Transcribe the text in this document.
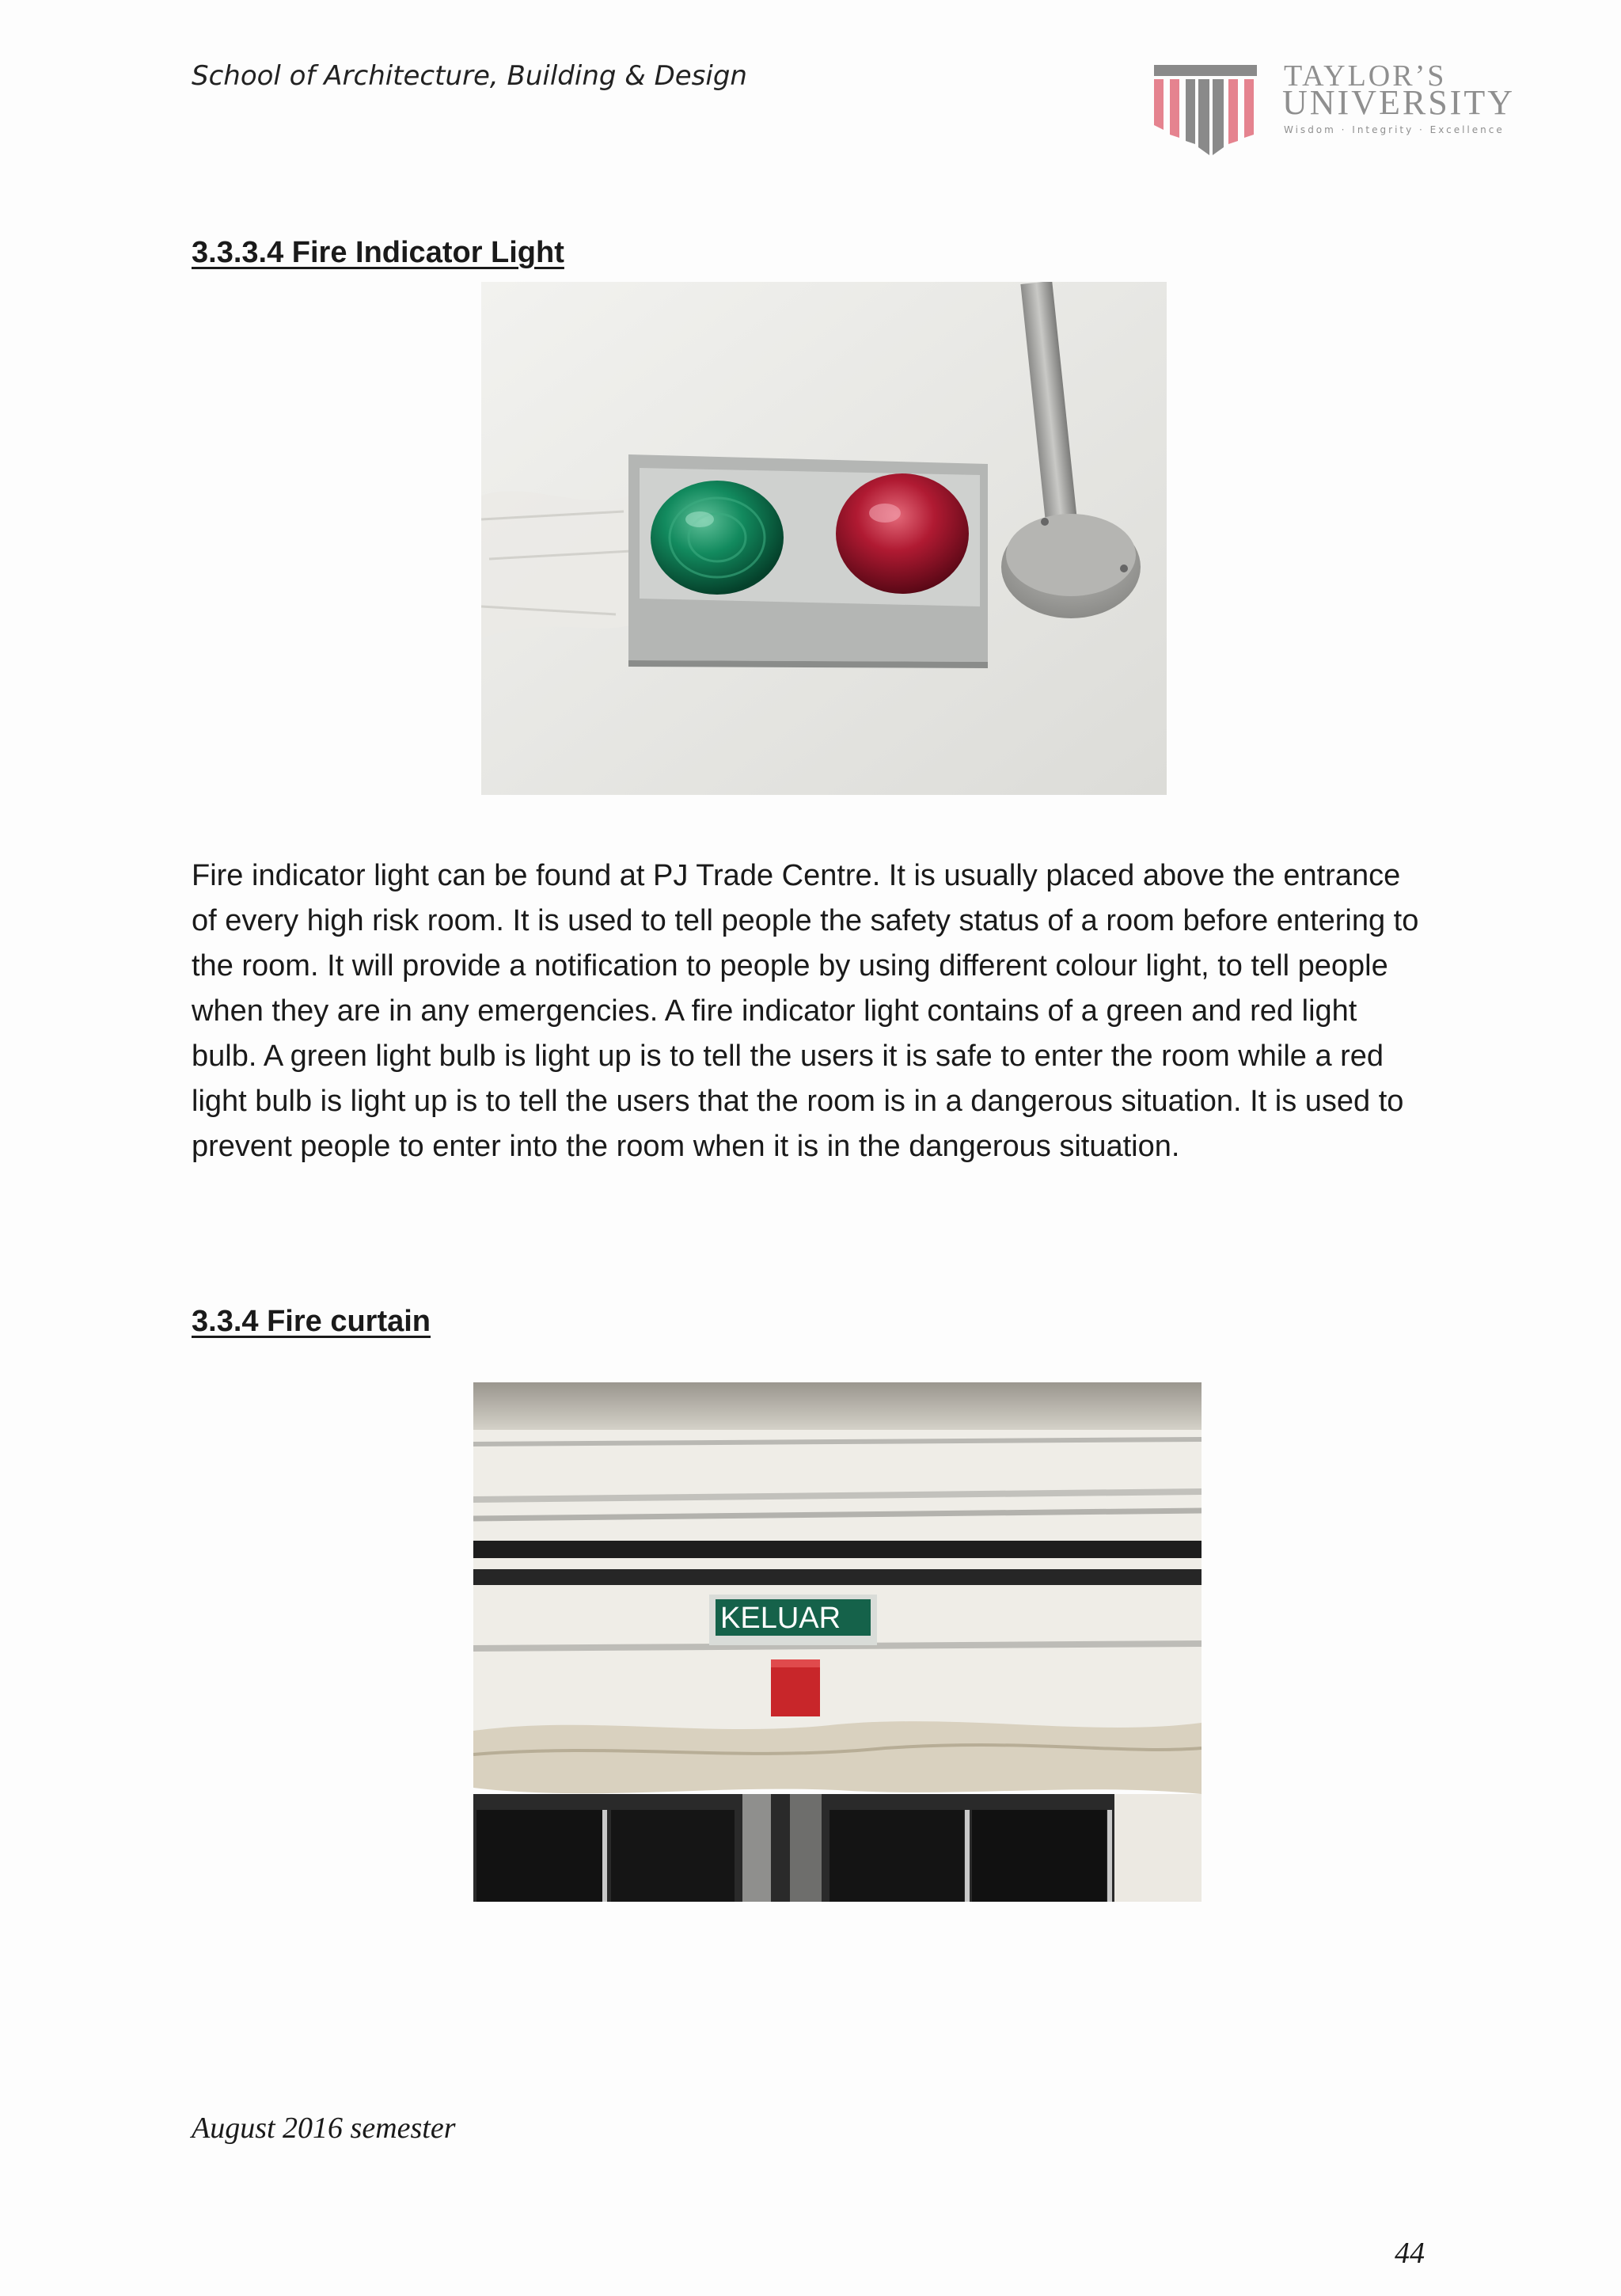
School of Architecture, Building & Design	TAYLOR’S
UNIVERSITY
Wisdom · Integrity · Excellence
3.3.3.4 Fire Indicator Light
Fire indicator light can be found at PJ Trade Centre. It is usually placed above the entrance of every high risk room. It is used to tell people the safety status of a room before entering to the room. It will provide a notification to people by using different colour light, to tell people when they are in any emergencies. A fire indicator light contains of a green and red light bulb. A green light bulb is light up is to tell the users it is safe to enter the room while a red light bulb is light up is to tell the users that the room is in a dangerous situation. It is used to prevent people to enter into the room when it is in the dangerous situation.
3.3.4 Fire curtain
KELUAR
August 2016 semester
44
